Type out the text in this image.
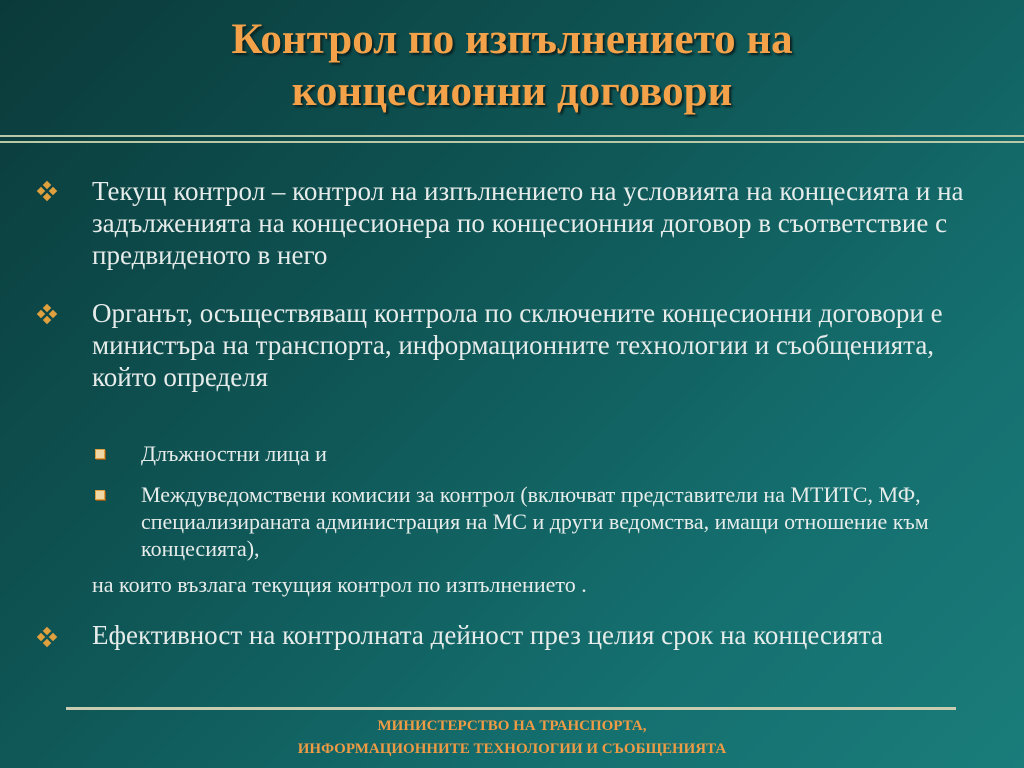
Контрол по изпълнението на
концесионни договори
Текущ контрол – контрол на изпълнението на условията на концесията и на задълженията на концесионера по концесионния договор в съответствие с предвиденото в него
Органът, осъществяващ контрола по сключените концесионни договори е министъра на транспорта, информационните технологии и съобщенията, който определя
Длъжностни лица и
Междуведомствени комисии за контрол (включват представители на МТИТС, МФ, специализираната администрация на МС и други ведомства, имащи отношение към концесията),
на които възлага текущия контрол по изпълнението .
Ефективност на контролната дейност през целия срок на концесията
МИНИСТЕРСТВО НА ТРАНСПОРТА,
ИНФОРМАЦИОННИТЕ ТЕХНОЛОГИИ И СЪОБЩЕНИЯТА
